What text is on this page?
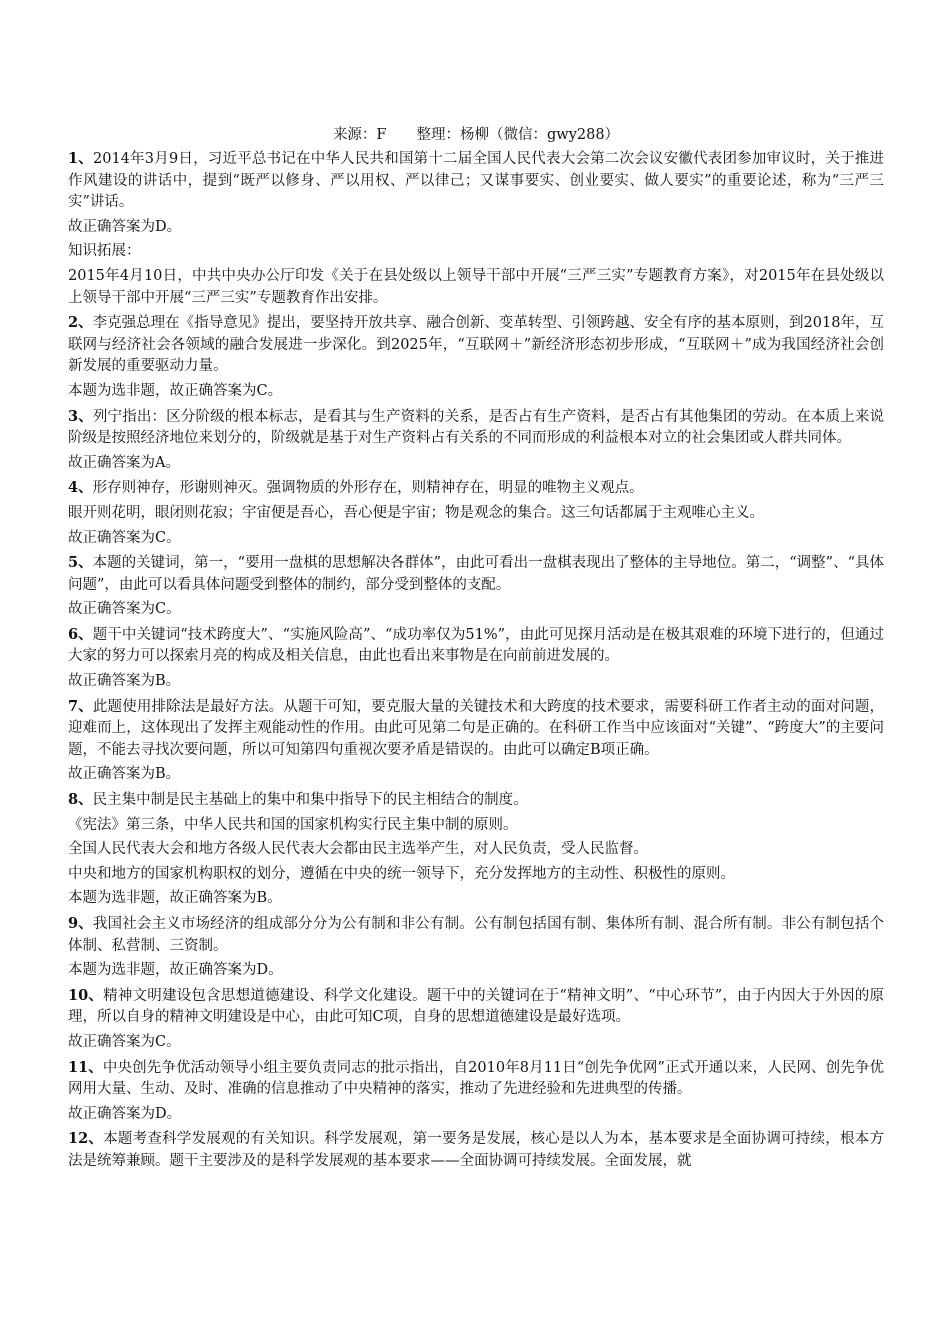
来源：F 整理：杨柳（微信：gwy288）

1、2014年3月9日，习近平总书记在中华人民共和国第十二届全国人民代表大会第二次会议安徽代表团参加审议时，关于推进作风建设的讲话中，提到“既严以修身、严以用权、严以律己；又谋事要实、创业要实、做人要实”的重要论述，称为“三严三实”讲话。

故正确答案为D。

知识拓展：

2015年4月10日，中共中央办公厅印发《关于在县处级以上领导干部中开展“三严三实”专题教育方案》，对2015年在县处级以上领导干部中开展“三严三实”专题教育作出安排。

2、李克强总理在《指导意见》提出，要坚持开放共享、融合创新、变革转型、引领跨越、安全有序的基本原则，到2018年，互联网与经济社会各领域的融合发展进一步深化。到2025年，“互联网＋”新经济形态初步形成，“互联网＋”成为我国经济社会创新发展的重要驱动力量。

本题为选非题，故正确答案为C。

3、列宁指出：区分阶级的根本标志，是看其与生产资料的关系，是否占有生产资料，是否占有其他集团的劳动。在本质上来说阶级是按照经济地位来划分的，阶级就是基于对生产资料占有关系的不同而形成的利益根本对立的社会集团或人群共同体。

故正确答案为A。

4、形存则神存，形谢则神灭。强调物质的外形存在，则精神存在，明显的唯物主义观点。

眼开则花明，眼闭则花寂；宇宙便是吾心，吾心便是宇宙；物是观念的集合。这三句话都属于主观唯心主义。

故正确答案为C。

5、本题的关键词，第一，“要用一盘棋的思想解决各群体”，由此可看出一盘棋表现出了整体的主导地位。第二，“调整”、“具体问题”，由此可以看具体问题受到整体的制约，部分受到整体的支配。

故正确答案为C。

6、题干中关键词“技术跨度大”、“实施风险高”、“成功率仅为51%”，由此可见探月活动是在极其艰难的环境下进行的，但通过大家的努力可以探索月亮的构成及相关信息，由此也看出来事物是在向前前进发展的。

故正确答案为B。

7、此题使用排除法是最好方法。从题干可知，要克服大量的关键技术和大跨度的技术要求，需要科研工作者主动的面对问题，迎难而上，这体现出了发挥主观能动性的作用。由此可见第二句是正确的。在科研工作当中应该面对“关键”、“跨度大”的主要问题，不能去寻找次要问题，所以可知第四句重视次要矛盾是错误的。由此可以确定B项正确。

故正确答案为B。

8、民主集中制是民主基础上的集中和集中指导下的民主相结合的制度。

《宪法》第三条，中华人民共和国的国家机构实行民主集中制的原则。

全国人民代表大会和地方各级人民代表大会都由民主选举产生，对人民负责，受人民监督。

中央和地方的国家机构职权的划分，遵循在中央的统一领导下，充分发挥地方的主动性、积极性的原则。

本题为选非题，故正确答案为B。

9、我国社会主义市场经济的组成部分分为公有制和非公有制。公有制包括国有制、集体所有制、混合所有制。非公有制包括个体制、私营制、三资制。

本题为选非题，故正确答案为D。

10、精神文明建设包含思想道德建设、科学文化建设。题干中的关键词在于“精神文明”、“中心环节”，由于内因大于外因的原理，所以自身的精神文明建设是中心，由此可知C项，自身的思想道德建设是最好选项。

故正确答案为C。

11、中央创先争优活动领导小组主要负责同志的批示指出，自2010年8月11日“创先争优网”正式开通以来，人民网、创先争优网用大量、生动、及时、准确的信息推动了中央精神的落实，推动了先进经验和先进典型的传播。

故正确答案为D。

12、本题考查科学发展观的有关知识。科学发展观，第一要务是发展，核心是以人为本，基本要求是全面协调可持续，根本方法是统筹兼顾。题干主要涉及的是科学发展观的基本要求——全面协调可持续发展。全面发展，就
